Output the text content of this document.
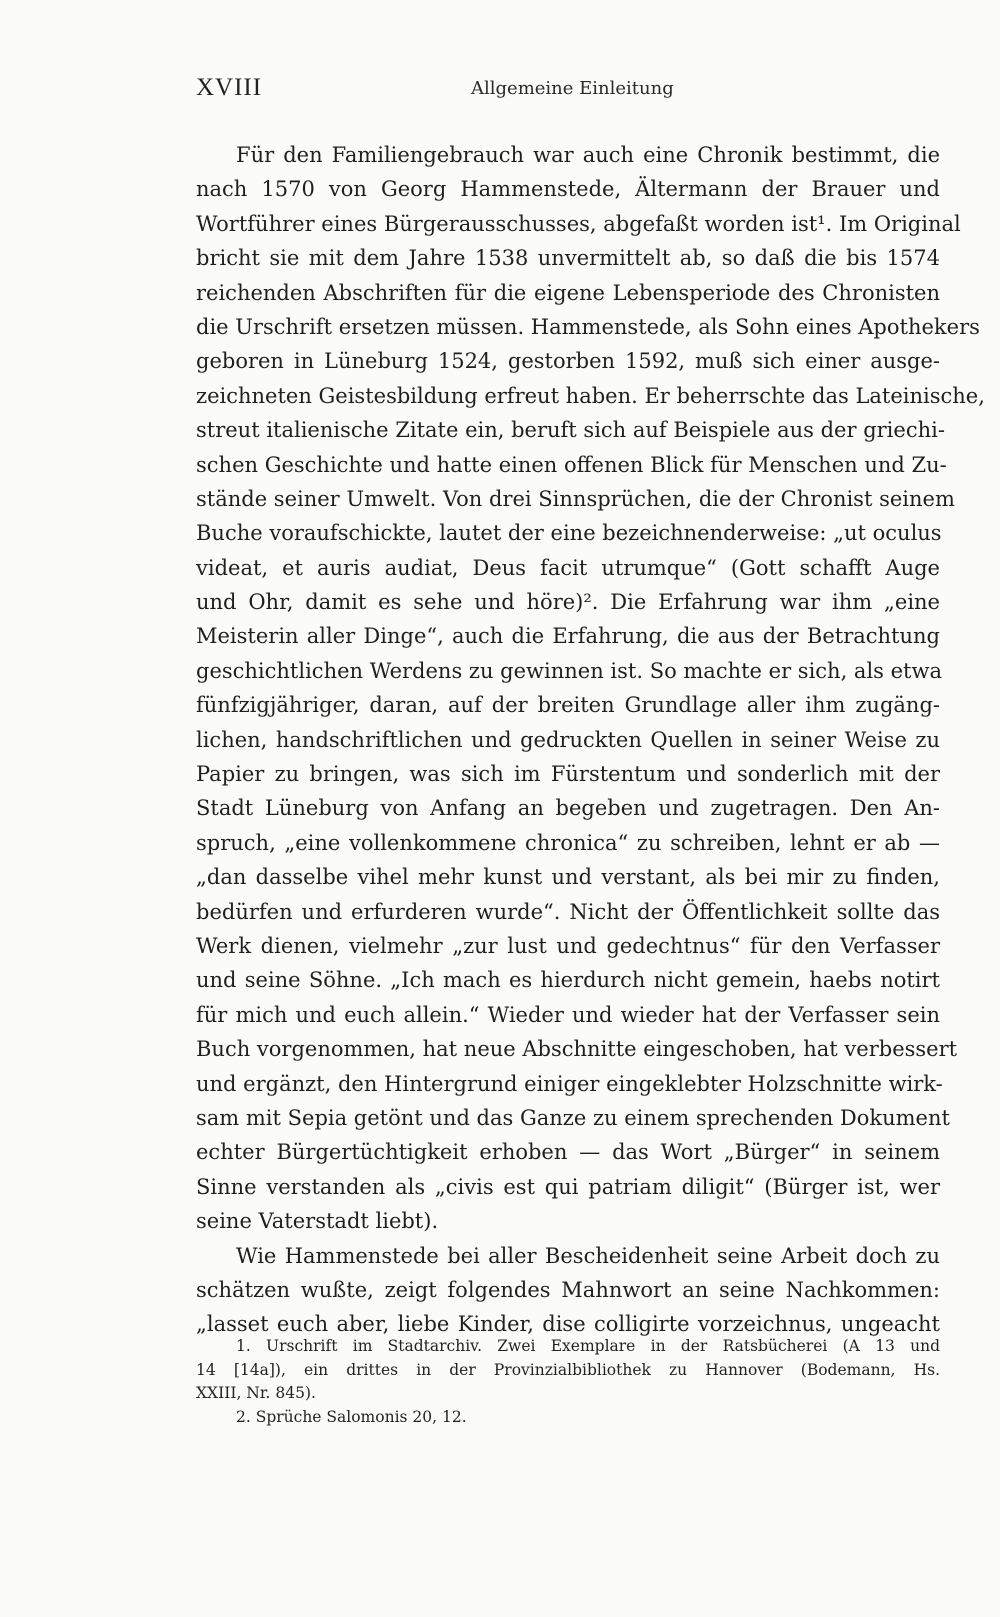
XVIII	Allgemeine Einleitung
Für den Familiengebrauch war auch eine Chronik bestimmt, die
nach 1570 von Georg Hammenstede, Ältermann der Brauer und
Wortführer eines Bürgerausschusses, abgefaßt worden ist¹. Im Original
bricht sie mit dem Jahre 1538 unvermittelt ab, so daß die bis 1574
reichenden Abschriften für die eigene Lebensperiode des Chronisten
die Urschrift ersetzen müssen. Hammenstede, als Sohn eines Apothekers
geboren in Lüneburg 1524, gestorben 1592, muß sich einer ausge-
zeichneten Geistesbildung erfreut haben. Er beherrschte das Lateinische,
streut italienische Zitate ein, beruft sich auf Beispiele aus der griechi-
schen Geschichte und hatte einen offenen Blick für Menschen und Zu-
stände seiner Umwelt. Von drei Sinnsprüchen, die der Chronist seinem
Buche voraufschickte, lautet der eine bezeichnenderweise: „ut oculus
videat, et auris audiat, Deus facit utrumque“ (Gott schafft Auge
und Ohr, damit es sehe und höre)². Die Erfahrung war ihm „eine
Meisterin aller Dinge“, auch die Erfahrung, die aus der Betrachtung
geschichtlichen Werdens zu gewinnen ist. So machte er sich, als etwa
fünfzigjähriger, daran, auf der breiten Grundlage aller ihm zugäng-
lichen, handschriftlichen und gedruckten Quellen in seiner Weise zu
Papier zu bringen, was sich im Fürstentum und sonderlich mit der
Stadt Lüneburg von Anfang an begeben und zugetragen. Den An-
spruch, „eine vollenkommene chronica“ zu schreiben, lehnt er ab —
„dan dasselbe vihel mehr kunst und verstant, als bei mir zu finden,
bedürfen und erfurderen wurde“. Nicht der Öffentlichkeit sollte das
Werk dienen, vielmehr „zur lust und gedechtnus“ für den Verfasser
und seine Söhne. „Ich mach es hierdurch nicht gemein, haebs notirt
für mich und euch allein.“ Wieder und wieder hat der Verfasser sein
Buch vorgenommen, hat neue Abschnitte eingeschoben, hat verbessert
und ergänzt, den Hintergrund einiger eingeklebter Holzschnitte wirk-
sam mit Sepia getönt und das Ganze zu einem sprechenden Dokument
echter Bürgertüchtigkeit erhoben — das Wort „Bürger“ in seinem
Sinne verstanden als „civis est qui patriam diligit“ (Bürger ist, wer
seine Vaterstadt liebt).
Wie Hammenstede bei aller Bescheidenheit seine Arbeit doch zu
schätzen wußte, zeigt folgendes Mahnwort an seine Nachkommen:
„lasset euch aber, liebe Kinder, dise colligirte vorzeichnus, ungeacht
1. Urschrift im Stadtarchiv. Zwei Exemplare in der Ratsbücherei (A 13 und
14 [14a]), ein drittes in der Provinzialbibliothek zu Hannover (Bodemann, Hs.
XXIII, Nr. 845).
2. Sprüche Salomonis 20, 12.
